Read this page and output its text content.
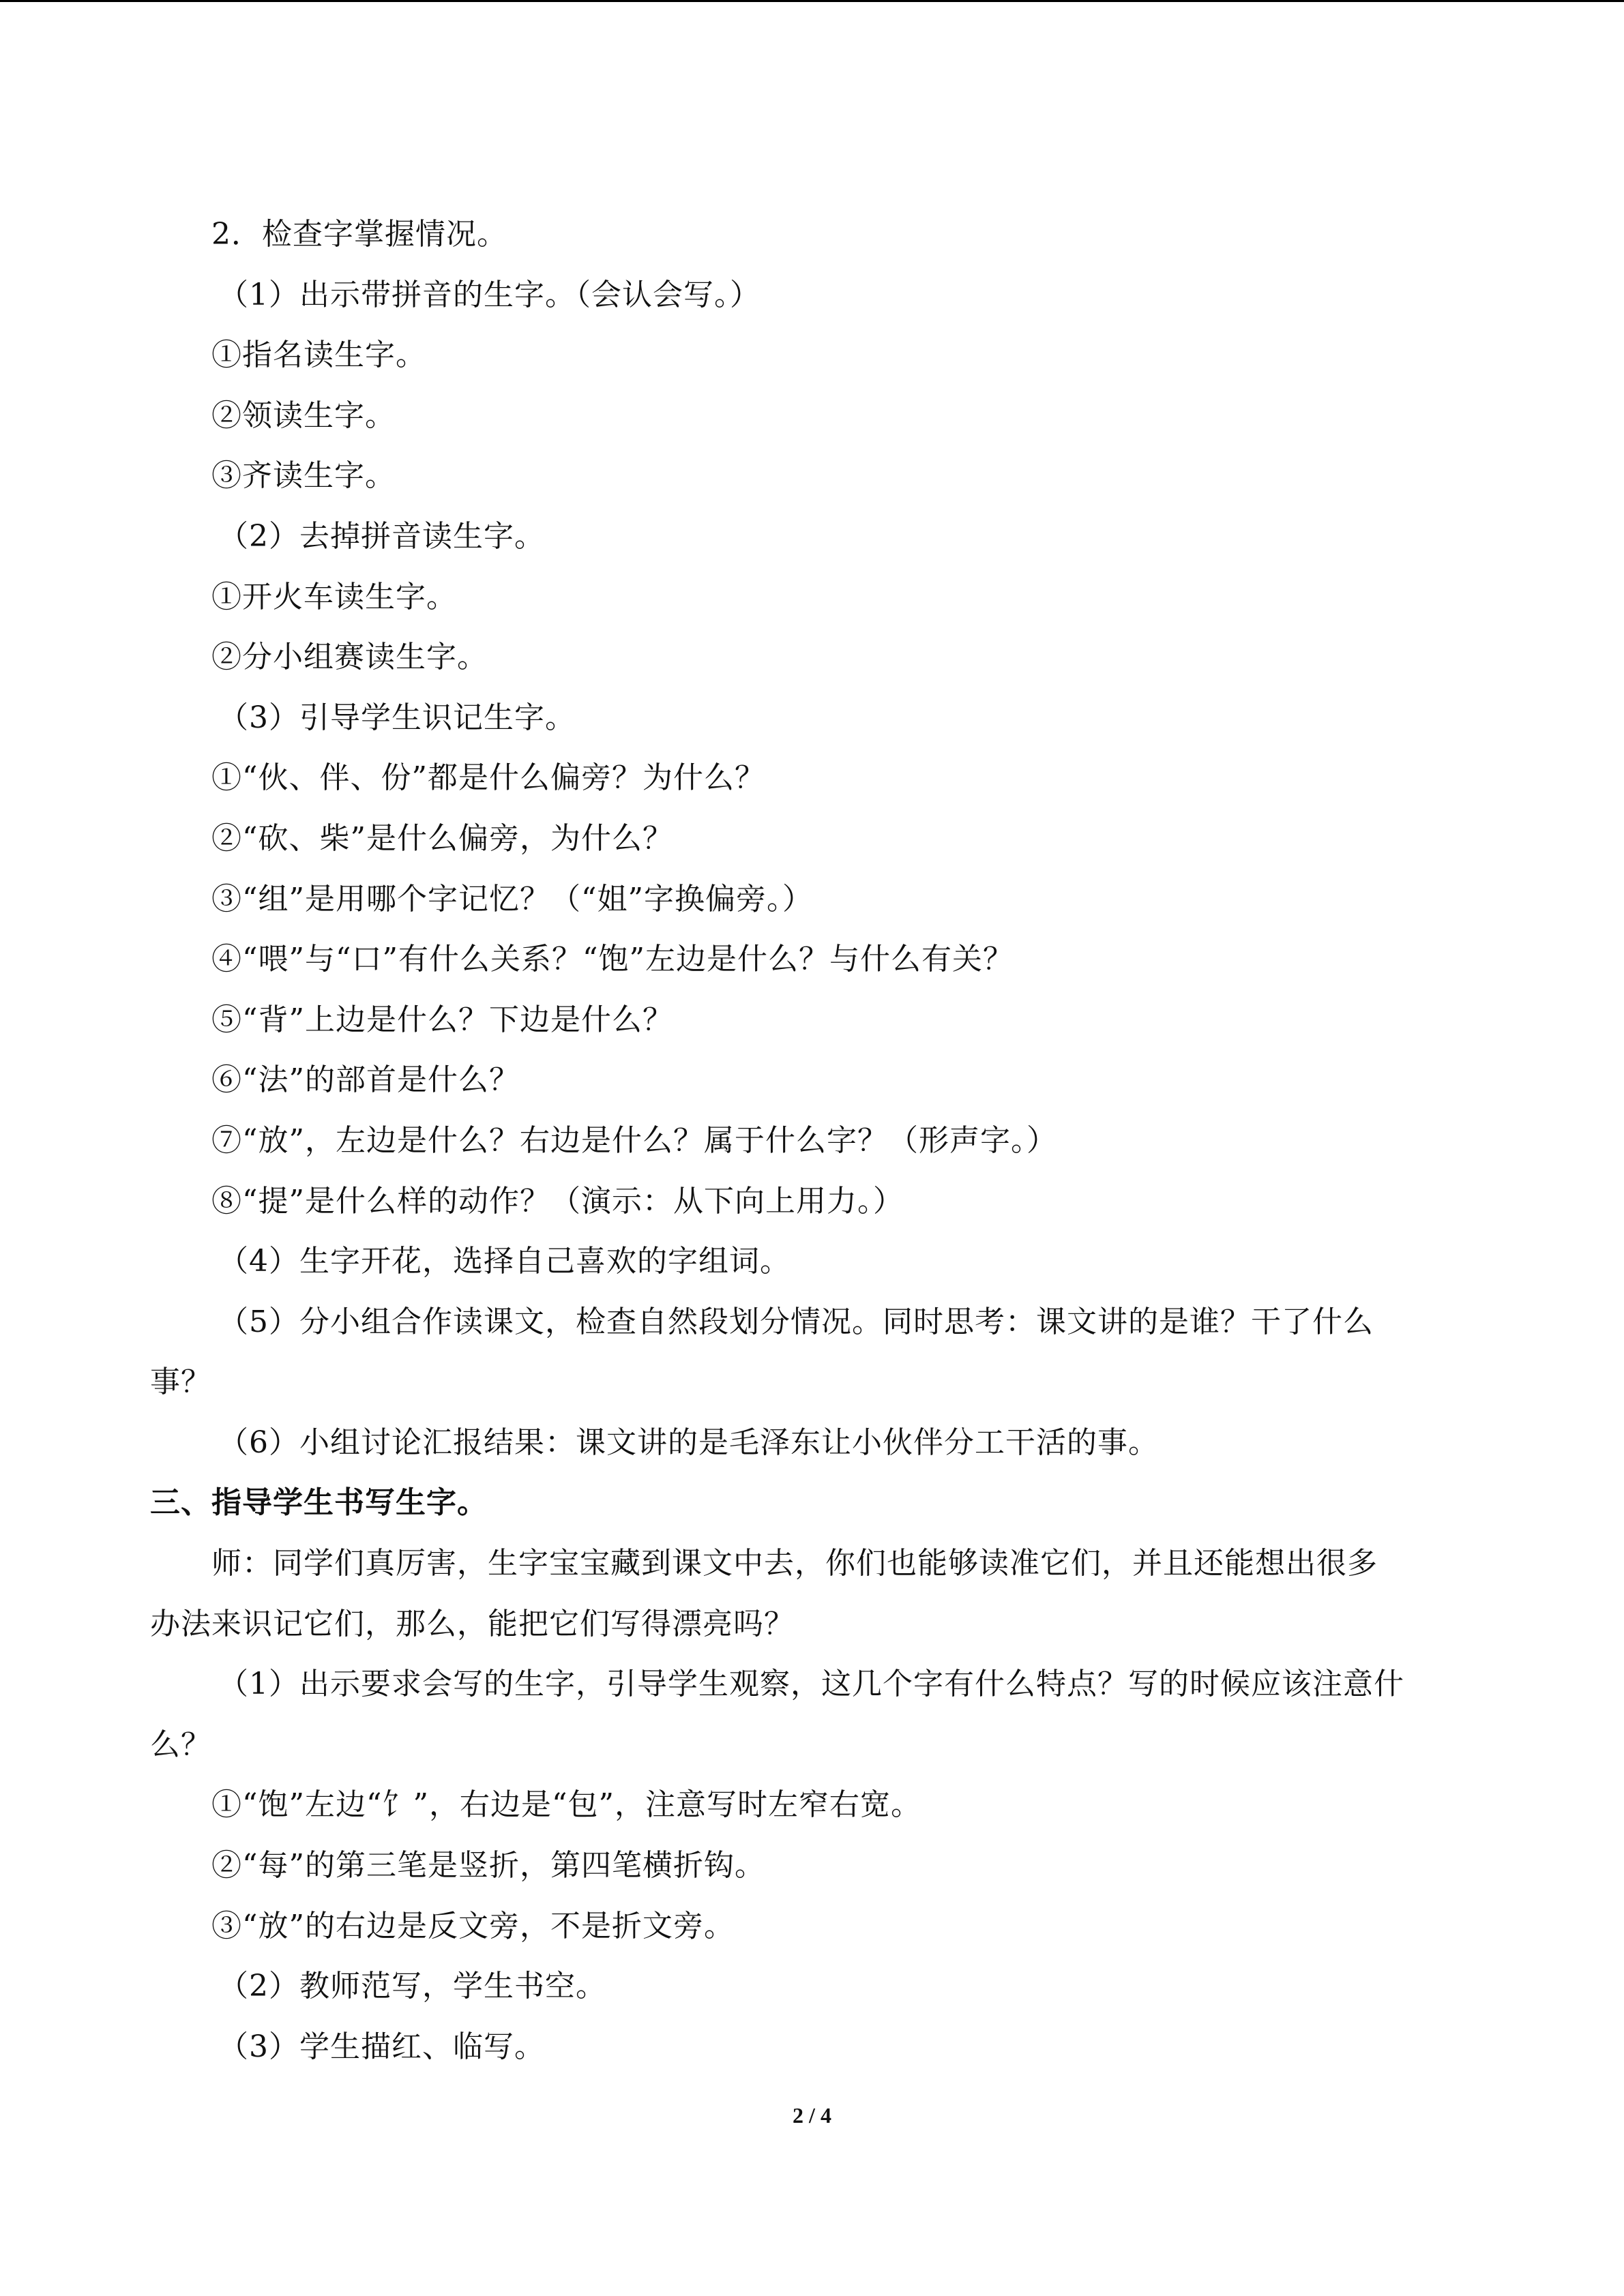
2．检查字掌握情况。
（1）出示带拼音的生字。（会认会写。）
①指名读生字。
②领读生字。
③齐读生字。
（2）去掉拼音读生字。
①开火车读生字。
②分小组赛读生字。
（3）引导学生识记生字。
①“伙、伴、份”都是什么偏旁？为什么？
②“砍、柴”是什么偏旁，为什么？
③“组”是用哪个字记忆？（“姐”字换偏旁。）
④“喂”与“口”有什么关系？“饱”左边是什么？与什么有关？
⑤“背”上边是什么？下边是什么？
⑥“法”的部首是什么？
⑦“放”，左边是什么？右边是什么？属于什么字？（形声字。）
⑧“提”是什么样的动作？（演示：从下向上用力。）
（4）生字开花，选择自己喜欢的字组词。
（5）分小组合作读课文，检查自然段划分情况。同时思考：课文讲的是谁？干了什么
事？
（6）小组讨论汇报结果：课文讲的是毛泽东让小伙伴分工干活的事。
三、指导学生书写生字。
师：同学们真厉害，生字宝宝藏到课文中去，你们也能够读准它们，并且还能想出很多
办法来识记它们，那么，能把它们写得漂亮吗？
（1）出示要求会写的生字，引导学生观察，这几个字有什么特点？写的时候应该注意什
么？
①“饱”左边“饣”，右边是“包”，注意写时左窄右宽。
②“每”的第三笔是竖折，第四笔横折钩。
③“放”的右边是反文旁，不是折文旁。
（2）教师范写，学生书空。
（3）学生描红、临写。
2 / 4
